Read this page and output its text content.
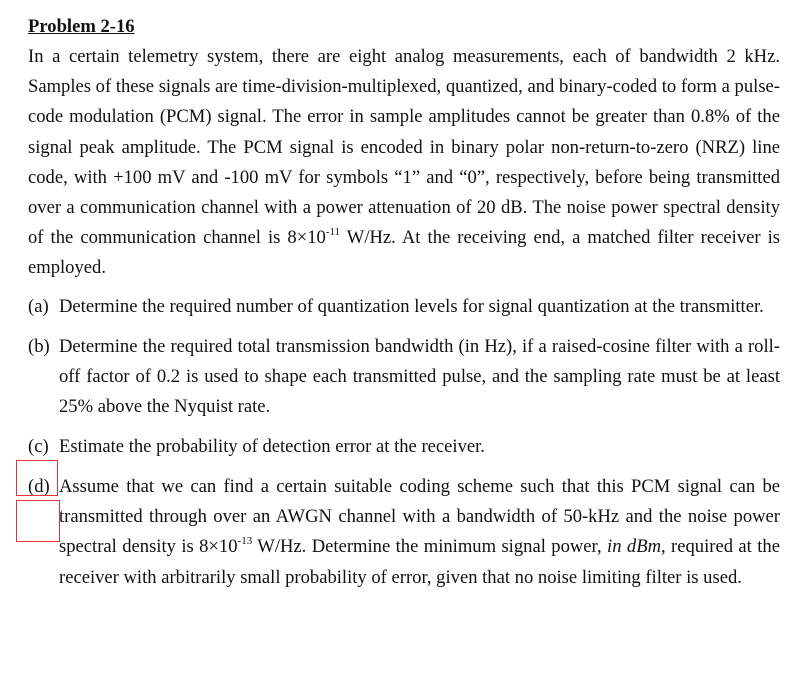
Problem 2-16

In a certain telemetry system, there are eight analog measurements, each of bandwidth 2 kHz. Samples of these signals are time-division-multiplexed, quantized, and binary-coded to form a pulse-code modulation (PCM) signal. The error in sample amplitudes cannot be greater than 0.8% of the signal peak amplitude. The PCM signal is encoded in binary polar non-return-to-zero (NRZ) line code, with +100 mV and -100 mV for symbols “1” and “0”, respectively, before being transmitted over a communication channel with a power attenuation of 20 dB. The noise power spectral density of the communication channel is $8\times 10^{-11}$ W/Hz. At the receiving end, a matched filter receiver is employed.

(a) Determine the required number of quantization levels for signal quantization at the transmitter.
(b) Determine the required total transmission bandwidth (in Hz), if a raised-cosine filter with a roll-off factor of 0.2 is used to shape each transmitted pulse, and the sampling rate must be at least 25% above the Nyquist rate.
(c) Estimate the probability of detection error at the receiver.
(d) Assume that we can find a certain suitable coding scheme such that this PCM signal can be transmitted through over an AWGN channel with a bandwidth of 50-kHz and the noise power spectral density is $8\times 10^{-13}$ W/Hz. Determine the minimum signal power, in dBm, required at the receiver with arbitrarily small probability of error, given that no noise limiting filter is used.
